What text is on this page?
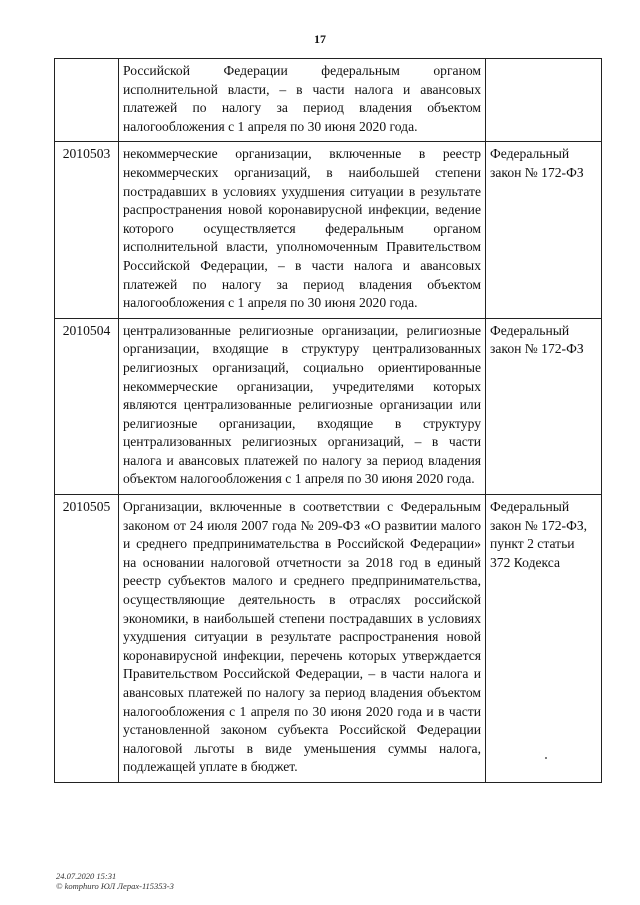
17
	Российской Федерации федеральным органом исполнительной власти, – в части налога и авансовых платежей по налогу за период владения объектом налогообложения с 1 апреля по 30 июня 2020 года.	
2010503	некоммерческие организации, включенные в реестр некоммерческих организаций, в наибольшей степени пострадавших в условиях ухудшения ситуации в результате распространения новой коронавирусной инфекции, ведение которого осуществляется федеральным органом исполнительной власти, уполномоченным Правительством Российской Федерации, – в части налога и авансовых платежей по налогу за период владения объектом налогообложения с 1 апреля по 30 июня 2020 года.	Федеральный закон № 172-ФЗ
2010504	централизованные религиозные организации, религиозные организации, входящие в структуру централизованных религиозных организаций, социально ориентированные некоммерческие организации, учредителями которых являются централизованные религиозные организации или религиозные организации, входящие в структуру централизованных религиозных организаций, – в части налога и авансовых платежей по налогу за период владения объектом налогообложения с 1 апреля по 30 июня 2020 года.	Федеральный закон № 172-ФЗ
2010505	Организации, включенные в соответствии с Федеральным законом от 24 июля 2007 года № 209-ФЗ «О развитии малого и среднего предпринимательства в Российской Федерации» на основании налоговой отчетности за 2018 год в единый реестр субъектов малого и среднего предпринимательства, осуществляющие деятельность в отраслях российской экономики, в наибольшей степени пострадавших в условиях ухудшения ситуации в результате распространения новой коронавирусной инфекции, перечень которых утверждается Правительством Российской Федерации, – в части налога и авансовых платежей по налогу за период владения объектом налогообложения с 1 апреля по 30 июня 2020 года и в части установленной законом субъекта Российской Федерации налоговой льготы в виде уменьшения суммы налога, подлежащей уплате в бюджет.	Федеральный закон № 172-ФЗ, пункт 2 статьи 372 Кодекса
24.07.2020 15:31
© komphuro ЮЛ Лерах-115353-3
